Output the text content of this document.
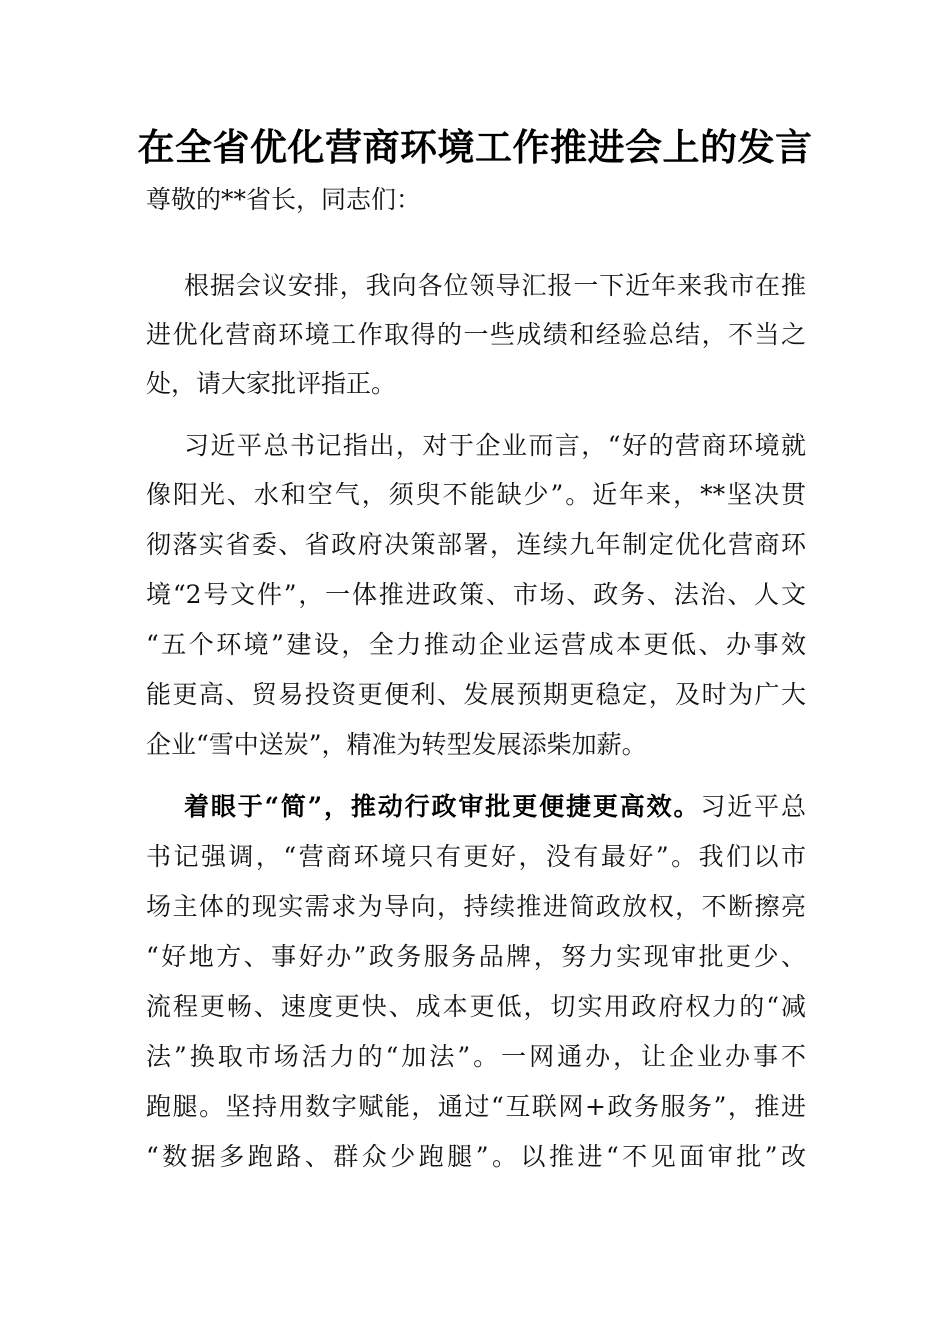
在全省优化营商环境工作推进会上的发言
尊敬的**省长，同志们：
根据会议安排，我向各位领导汇报一下近年来我市在推
进优化营商环境工作取得的一些成绩和经验总结，不当之
处，请大家批评指正。
习近平总书记指出，对于企业而言，“好的营商环境就
像阳光、水和空气，须臾不能缺少”。近年来，**坚决贯
彻落实省委、省政府决策部署，连续九年制定优化营商环
境“2号文件”，一体推进政策、市场、政务、法治、人文
“五个环境”建设，全力推动企业运营成本更低、办事效
能更高、贸易投资更便利、发展预期更稳定，及时为广大
企业“雪中送炭”，精准为转型发展添柴加薪。
着眼于“简”，推动行政审批更便捷更高效。习近平总
书记强调，“营商环境只有更好，没有最好”。我们以市
场主体的现实需求为导向，持续推进简政放权，不断擦亮
“好地方、事好办”政务服务品牌，努力实现审批更少、
流程更畅、速度更快、成本更低，切实用政府权力的“减
法”换取市场活力的“加法”。一网通办，让企业办事不
跑腿。坚持用数字赋能，通过“互联网+政务服务”，推进
“数据多跑路、群众少跑腿”。以推进“不见面审批”改
